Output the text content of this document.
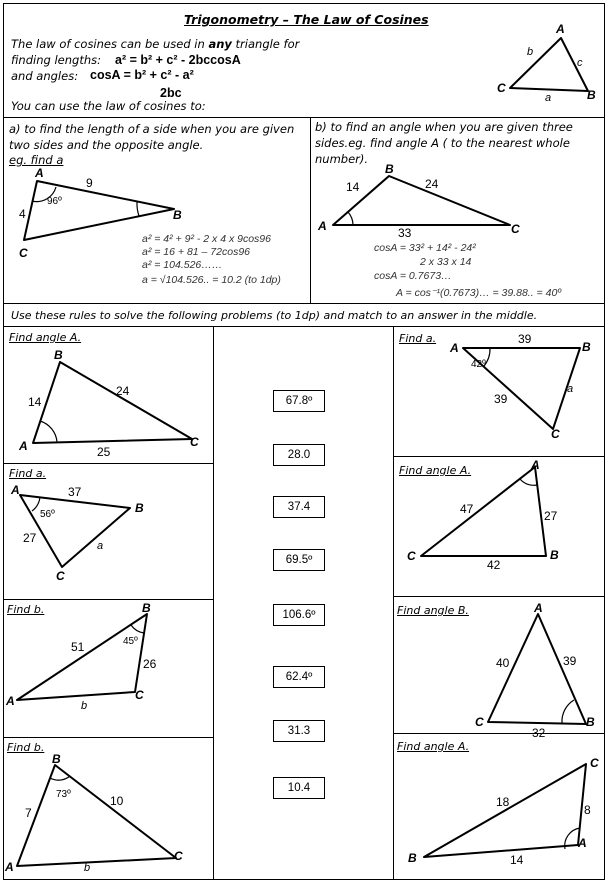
Trigonometry – The Law of Cosines
The law of cosines can be used in any triangle for
finding lengths: a² = b² + c² - 2bccosA
and angles: cosA = b² + c² - a²
2bc
You can use the law of cosines to:
a) to find the length of a side when you are given
two sides and the opposite angle.
eg. find a
b) to find an angle when you are given three
sides.eg. find angle A ( to the nearest whole
number).
a² = 4² + 9² - 2 x 4 x 9cos96
a² = 16 + 81 – 72cos96
a² = 104.526……
a = √104.526.. = 10.2 (to 1dp)
cosA = 33² + 14² - 24²
2 x 33 x 14
cosA = 0.7673…
A = cos⁻¹(0.7673)… = 39.88.. = 40º
Use these rules to solve the following problems (to 1dp) and match to an answer in the middle.
Find angle A.
Find a.
Find b.
Find b.
Find a.
Find angle A.
Find angle B.
Find angle A.
67.8º
28.0
37.4
69.5º
106.6º
62.4º
31.3
10.4
A
C	B
b
c
a
A
B
C
9
4
96º
A
B
C
14	24
33
B
A	C
14
24
25
A
B
C
37
27
a
56º
B
A	C
51
26
b
45º
B
A
C
7
10
b
73º
A	B
C
39
39
a
42º
A
C	B
47	27
42
A
C	B
40	39
32
C
B
A
18
8
14
